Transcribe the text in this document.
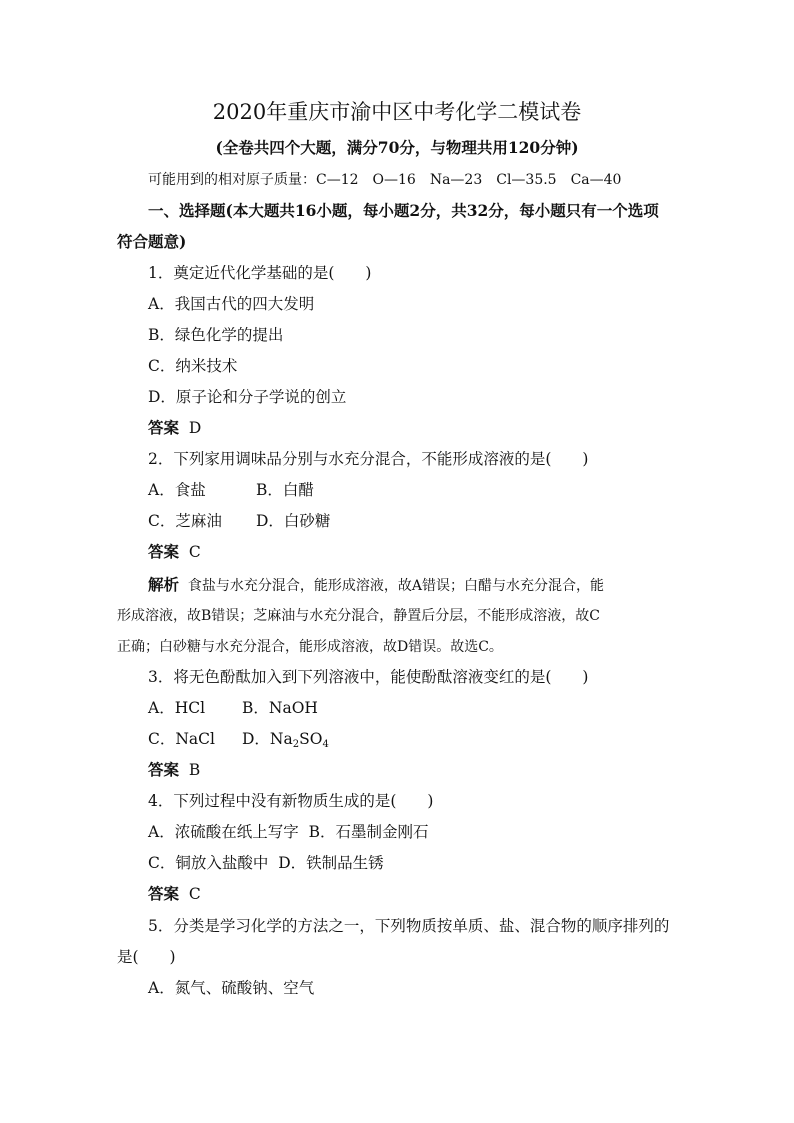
2020年重庆市渝中区中考化学二模试卷
(全卷共四个大题，满分70分，与物理共用120分钟)
可能用到的相对原子质量：C—12　O—16　Na—23　Cl—35.5　Ca—40
一、选择题(本大题共16小题，每小题2分，共32分，每小题只有一个选项
符合题意)
1．奠定近代化学基础的是(　　)
A．我国古代的四大发明
B．绿色化学的提出
C．纳米技术
D．原子论和分子学说的创立
答案 D
2．下列家用调味品分别与水充分混合，不能形成溶液的是(　　)
A．食盐	B．白醋
C．芝麻油 D．白砂糖
答案 C
解析 食盐与水充分混合，能形成溶液，故A错误；白醋与水充分混合，能
形成溶液，故B错误；芝麻油与水充分混合，静置后分层，不能形成溶液，故C
正确；白砂糖与水充分混合，能形成溶液，故D错误。故选C。
3．将无色酚酞加入到下列溶液中，能使酚酞溶液变红的是(　　)
A．HCl B．NaOH
C．NaCl D．$Na_2SO_4$
答案 B
4．下列过程中没有新物质生成的是(　　)
A．浓硫酸在纸上写字 B．石墨制金刚石
C．铜放入盐酸中 D．铁制品生锈
答案 C
5．分类是学习化学的方法之一，下列物质按单质、盐、混合物的顺序排列的
是(　　)
A．氮气、硫酸钠、空气
